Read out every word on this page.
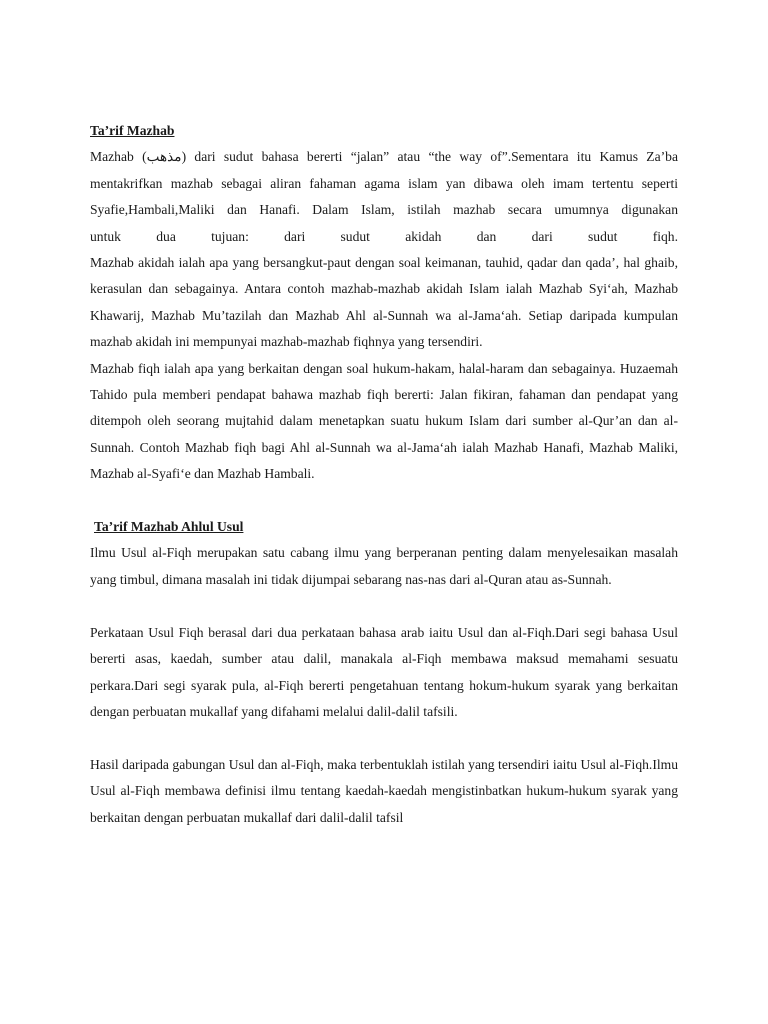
Ta’rif Mazhab

Mazhab (مذهب) dari sudut bahasa bererti “jalan” atau “the way of”.Sementara itu Kamus Za’ba

mentakrifkan mazhab sebagai aliran fahaman agama islam yan dibawa oleh imam tertentu seperti

Syafie,Hambali,Maliki dan Hanafi. Dalam Islam, istilah mazhab secara umumnya digunakan

untuk dua tujuan: dari sudut akidah dan dari sudut fiqh.

Mazhab akidah ialah apa yang bersangkut-paut dengan soal keimanan, tauhid, qadar dan qada’, hal ghaib, kerasulan dan sebagainya. Antara contoh mazhab-mazhab akidah Islam ialah Mazhab Syi‘ah, Mazhab Khawarij, Mazhab Mu’tazilah dan Mazhab Ahl al-Sunnah wa al-Jama‘ah. Setiap daripada kumpulan mazhab akidah ini mempunyai mazhab-mazhab fiqhnya yang tersendiri.

Mazhab fiqh ialah apa yang berkaitan dengan soal hukum-hakam, halal-haram dan sebagainya. Huzaemah Tahido pula memberi pendapat bahawa mazhab fiqh bererti: Jalan fikiran, fahaman dan pendapat yang ditempoh oleh seorang mujtahid dalam menetapkan suatu hukum Islam dari sumber al-Qur’an dan al-Sunnah. Contoh Mazhab fiqh bagi Ahl al-Sunnah wa al-Jama‘ah ialah Mazhab Hanafi, Mazhab Maliki, Mazhab al-Syafi‘e dan Mazhab Hambali.

Ta’rif Mazhab Ahlul Usul

Ilmu Usul al-Fiqh merupakan satu cabang ilmu yang berperanan penting dalam menyelesaikan masalah yang timbul, dimana masalah ini tidak dijumpai sebarang nas-nas dari al-Quran atau as-Sunnah.

Perkataan Usul Fiqh berasal dari dua perkataan bahasa arab iaitu Usul dan al-Fiqh.Dari segi bahasa Usul bererti asas, kaedah, sumber atau dalil, manakala al-Fiqh membawa maksud memahami sesuatu perkara.Dari segi syarak pula, al-Fiqh bererti pengetahuan tentang hokum-hukum syarak yang berkaitan dengan perbuatan mukallaf yang difahami melalui dalil-dalil tafsili.

Hasil daripada gabungan Usul dan al-Fiqh, maka terbentuklah istilah yang tersendiri iaitu Usul al-Fiqh.Ilmu Usul al-Fiqh membawa definisi ilmu tentang kaedah-kaedah mengistinbatkan hukum-hukum syarak yang berkaitan dengan perbuatan mukallaf dari dalil-dalil tafsil
